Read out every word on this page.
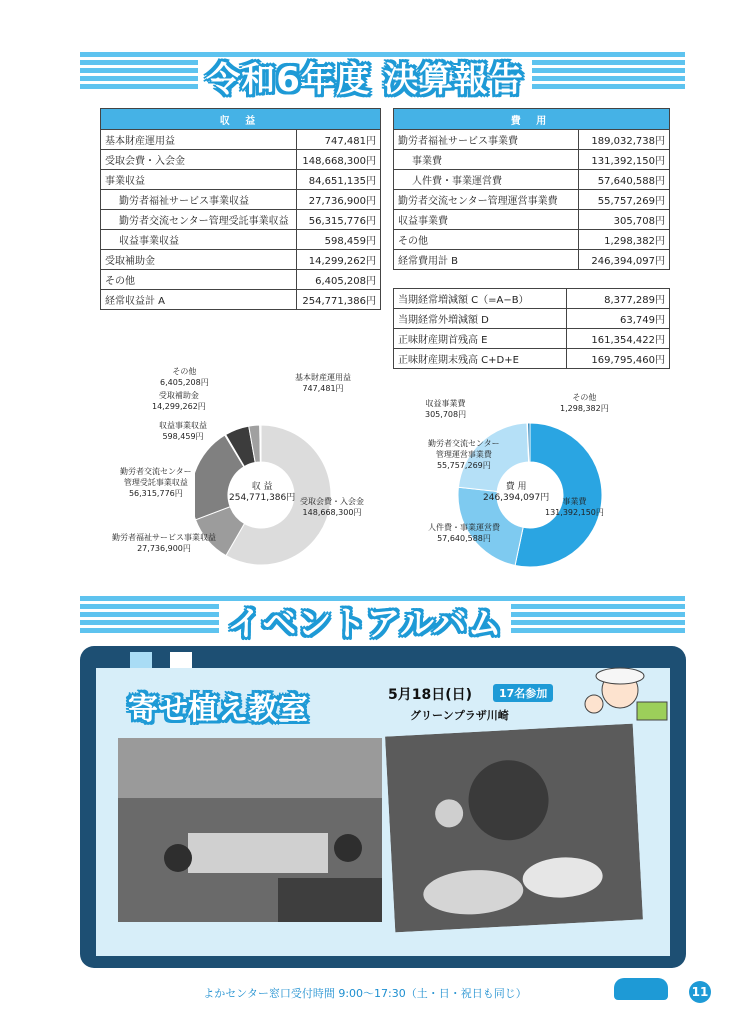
令和6年度 決算報告
収 益	
基本財産運用益	747,481円
受取会費・入会金	148,668,300円
事業収益	84,651,135円
勤労者福祉サービス事業収益	27,736,900円
勤労者交流センター管理受託事業収益	56,315,776円
収益事業収益	598,459円
受取補助金	14,299,262円
その他	6,405,208円
経常収益計 A	254,771,386円
費 用	
勤労者福祉サービス事業費	189,032,738円
事業費	131,392,150円
人件費・事業運営費	57,640,588円
勤労者交流センター管理運営事業費	55,757,269円
収益事業費	305,708円
その他	1,298,382円
経常費用計 B	246,394,097円
当期経常増減額 C（=A−B）	8,377,289円
当期経常外増減額 D	63,749円
正味財産期首残高 E	161,354,422円
正味財産期末残高 C+D+E	169,795,460円
その他
6,405,208円
受取補助金
14,299,262円
収益事業収益
598,459円
勤労者交流センター
管理受託事業収益
56,315,776円
勤労者福祉サービス事業収益
27,736,900円
基本財産運用益
747,481円
受取会費・入会金
148,668,300円
収 益
254,771,386円
収益事業費
305,708円
その他
1,298,382円
勤労者交流センター
管理運営事業費
55,757,269円
人件費・事業運営費
57,640,588円
事業費
131,392,150円
費 用
246,394,097円
イベントアルバム
寄せ植え教室	5月18日(日)	17名参加
グリーンプラザ川崎
よかセンター窓口受付時間 9:00〜17:30（土・日・祝日も同じ）	11
